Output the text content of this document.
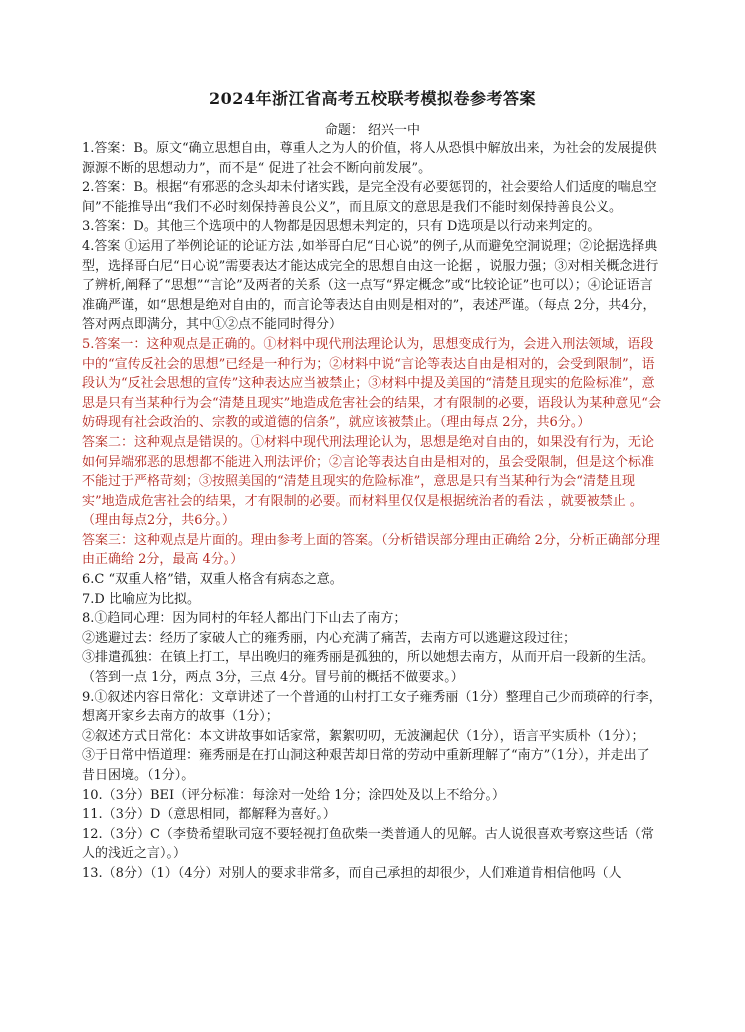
2024年浙江省高考五校联考模拟卷参考答案
命题： 绍兴一中

1.答案：B。原文“确立思想自由，尊重人之为人的价值，将人从恐惧中解放出来，为社会的发展提供源源不断的思想动力”，而不是“ 促进了社会不断向前发展”。

2.答案：B。根据“有邪恶的念头却未付诸实践，是完全没有必要惩罚的，社会要给人们适度的喘息空间”不能推导出“我们不必时刻保持善良公义”，而且原文的意思是我们不能时刻保持善良公义。

3.答案：D。其他三个选项中的人物都是因思想未判定的，只有 D选项是以行动来判定的。

4.答案 ①运用了举例论证的论证方法 ,如举哥白尼“日心说”的例子,从而避免空洞说理；②论据选择典型，选择哥白尼“日心说”需要表达才能达成完全的思想自由这一论据 ，说服力强；③对相关概念进行了辨析,阐释了“思想”“言论”及两者的关系（这一点写“界定概念”或“比较论证”也可以）；④论证语言准确严谨，如“思想是绝对自由的，而言论等表达自由则是相对的”，表述严谨。（每点 2分，共4分，答对两点即满分，其中①②点不能同时得分）

5.答案一：这种观点是正确的。①材料中现代刑法理论认为，思想变成行为，会进入刑法领域，语段中的“宣传反社会的思想”已经是一种行为；②材料中说“言论等表达自由是相对的，会受到限制”，语段认为“反社会思想的宣传”这种表达应当被禁止；③材料中提及美国的“清楚且现实的危险标准”，意思是只有当某种行为会“清楚且现实”地造成危害社会的结果，才有限制的必要，语段认为某种意见“会妨碍现有社会政治的、宗教的或道德的信条”，就应该被禁止。（理由每点 2分，共6分。）

答案二：这种观点是错误的。①材料中现代刑法理论认为，思想是绝对自由的，如果没有行为，无论如何异端邪恶的思想都不能进入刑法评价；②言论等表达自由是相对的，虽会受限制，但是这个标准不能过于严格苛刻；③按照美国的“清楚且现实的危险标准”，意思是只有当某种行为会“清楚且现实”地造成危害社会的结果，才有限制的必要。而材料里仅仅是根据统治者的看法 ，就要被禁止 。（理由每点2分，共6分。）

答案三：这种观点是片面的。理由参考上面的答案。（分析错误部分理由正确给 2分，分析正确部分理由正确给 2分，最高 4分。）

6.C “双重人格”错，双重人格含有病态之意。

7.D 比喻应为比拟。

8.①趋同心理：因为同村的年轻人都出门下山去了南方；

②逃避过去：经历了家破人亡的雍秀丽，内心充满了痛苦，去南方可以逃避这段过往；

③排遣孤独：在镇上打工，早出晚归的雍秀丽是孤独的，所以她想去南方，从而开启一段新的生活。（答到一点 1分，两点 3分，三点 4分。冒号前的概括不做要求。）

9.①叙述内容日常化：文章讲述了一个普通的山村打工女子雍秀丽（1分）整理自己少而琐碎的行李，想离开家乡去南方的故事（1分）；

②叙述方式日常化：本文讲故事如话家常，絮絮叨叨，无波澜起伏（1分），语言平实质朴（1分）；

③于日常中悟道理：雍秀丽是在打山洞这种艰苦却日常的劳动中重新理解了“南方”（1分），并走出了昔日困境。（1分）。

10.（3分）BEI（评分标准：每涂对一处给 1分；涂四处及以上不给分。）

11.（3分）D（意思相同，都解释为喜好。）

12.（3分）C（李贽希望耿司寇不要轻视打鱼砍柴一类普通人的见解。古人说很喜欢考察这些话（常人的浅近之言）。）

13.（8分）（1）（4分）对别人的要求非常多，而自己承担的却很少，人们难道肯相信他吗（人
